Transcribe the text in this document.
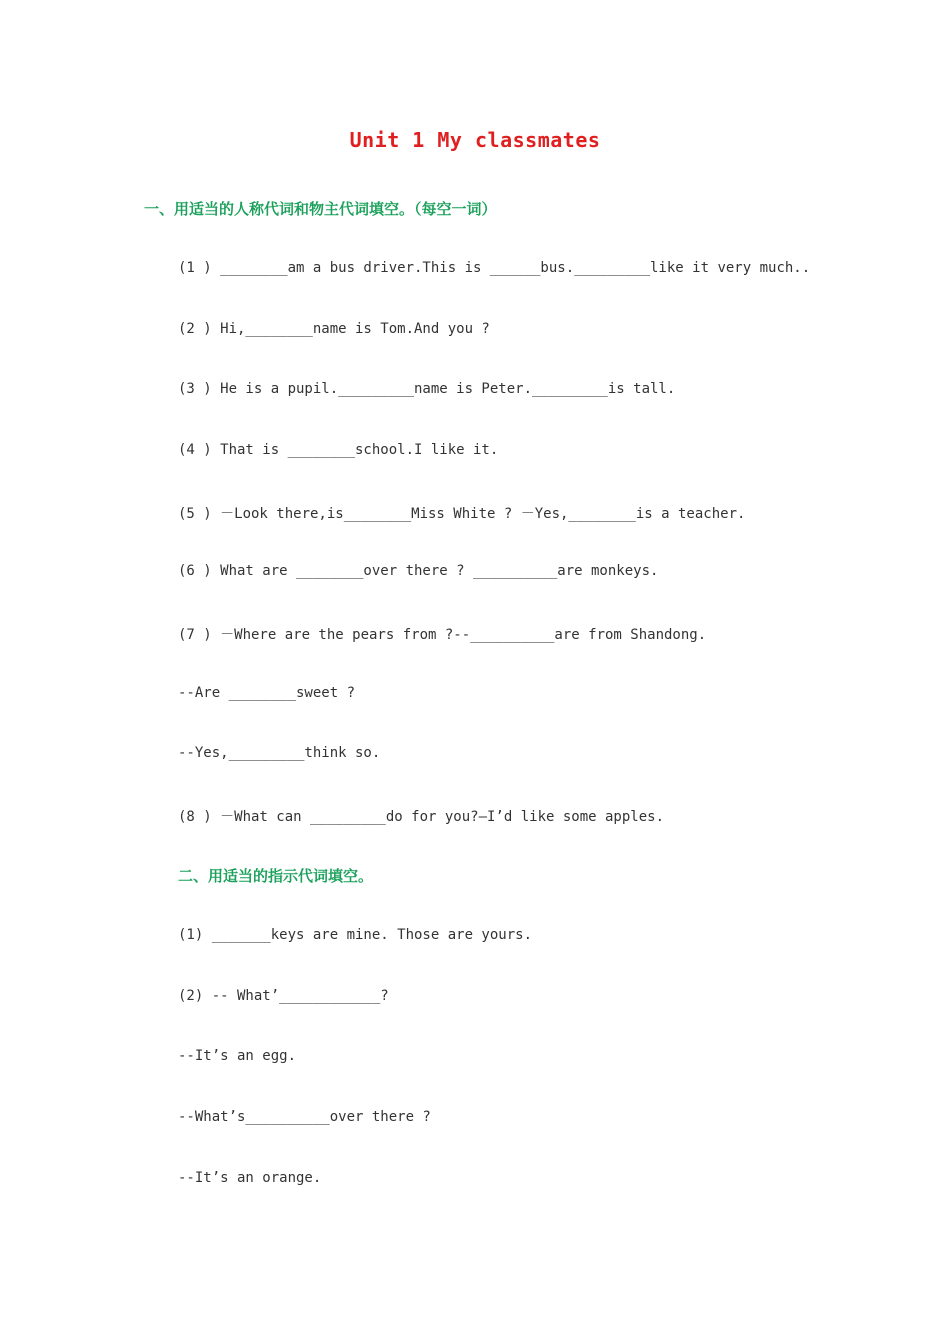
Unit 1 My classmates
一、用适当的人称代词和物主代词填空。（每空一词）
(1 ) ________am a bus driver.This is ______bus._________like it very much..
(2 ) Hi,________name is Tom.And you ?
(3 ) He is a pupil._________name is Peter._________is tall.
(4 ) That is ________school.I like it.
(5 ) －Look there,is________Miss White ? －Yes,________is a teacher.
(6 ) What are ________over there ? __________are monkeys.
(7 ) －Where are the pears from ?--__________are from Shandong.
--Are ________sweet ?
--Yes,_________think so.
(8 ) －What can _________do for you?—I’d like some apples.
二、用适当的指示代词填空。
(1) _______keys are mine. Those are yours.
(2) -- What’____________?
--It’s an egg.
--What’s__________over there ?
--It’s an orange.
